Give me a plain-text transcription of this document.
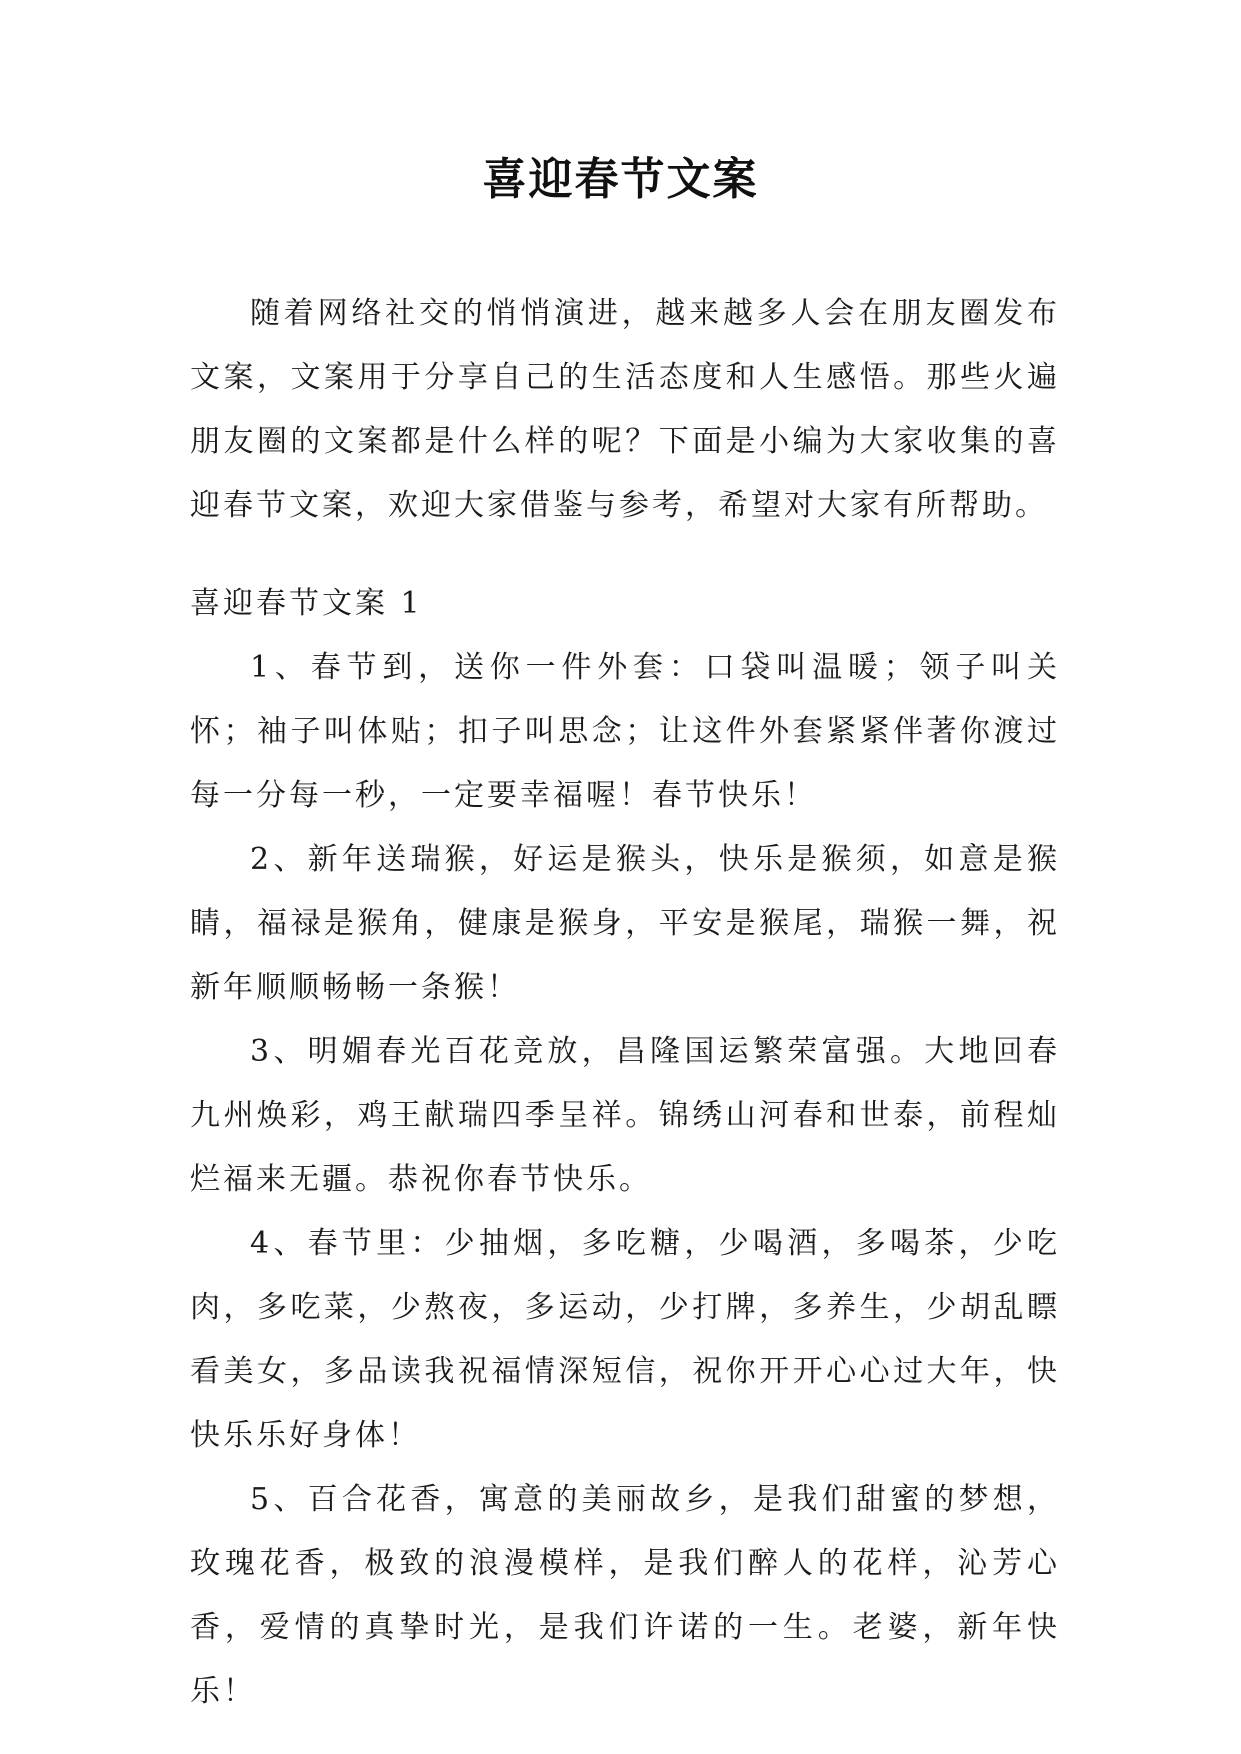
喜迎春节文案

随着网络社交的悄悄演进，越来越多人会在朋友圈发布文案，文案用于分享自己的生活态度和人生感悟。那些火遍朋友圈的文案都是什么样的呢？下面是小编为大家收集的喜迎春节文案，欢迎大家借鉴与参考，希望对大家有所帮助。

喜迎春节文案 1

1、春节到，送你一件外套：口袋叫温暖；领子叫关怀；袖子叫体贴；扣子叫思念；让这件外套紧紧伴著你渡过每一分每一秒，一定要幸福喔！春节快乐！

2、新年送瑞猴，好运是猴头，快乐是猴须，如意是猴睛，福禄是猴角，健康是猴身，平安是猴尾，瑞猴一舞，祝新年顺顺畅畅一条猴！

3、明媚春光百花竞放，昌隆国运繁荣富强。大地回春九州焕彩，鸡王献瑞四季呈祥。锦绣山河春和世泰，前程灿烂福来无疆。恭祝你春节快乐。

4、春节里：少抽烟，多吃糖，少喝酒，多喝茶，少吃肉，多吃菜，少熬夜，多运动，少打牌，多养生，少胡乱瞟看美女，多品读我祝福情深短信，祝你开开心心过大年，快快乐乐好身体！

5、百合花香，寓意的美丽故乡，是我们甜蜜的梦想，玫瑰花香，极致的浪漫模样，是我们醉人的花样，沁芳心香，爱情的真挚时光，是我们许诺的一生。老婆，新年快乐！
